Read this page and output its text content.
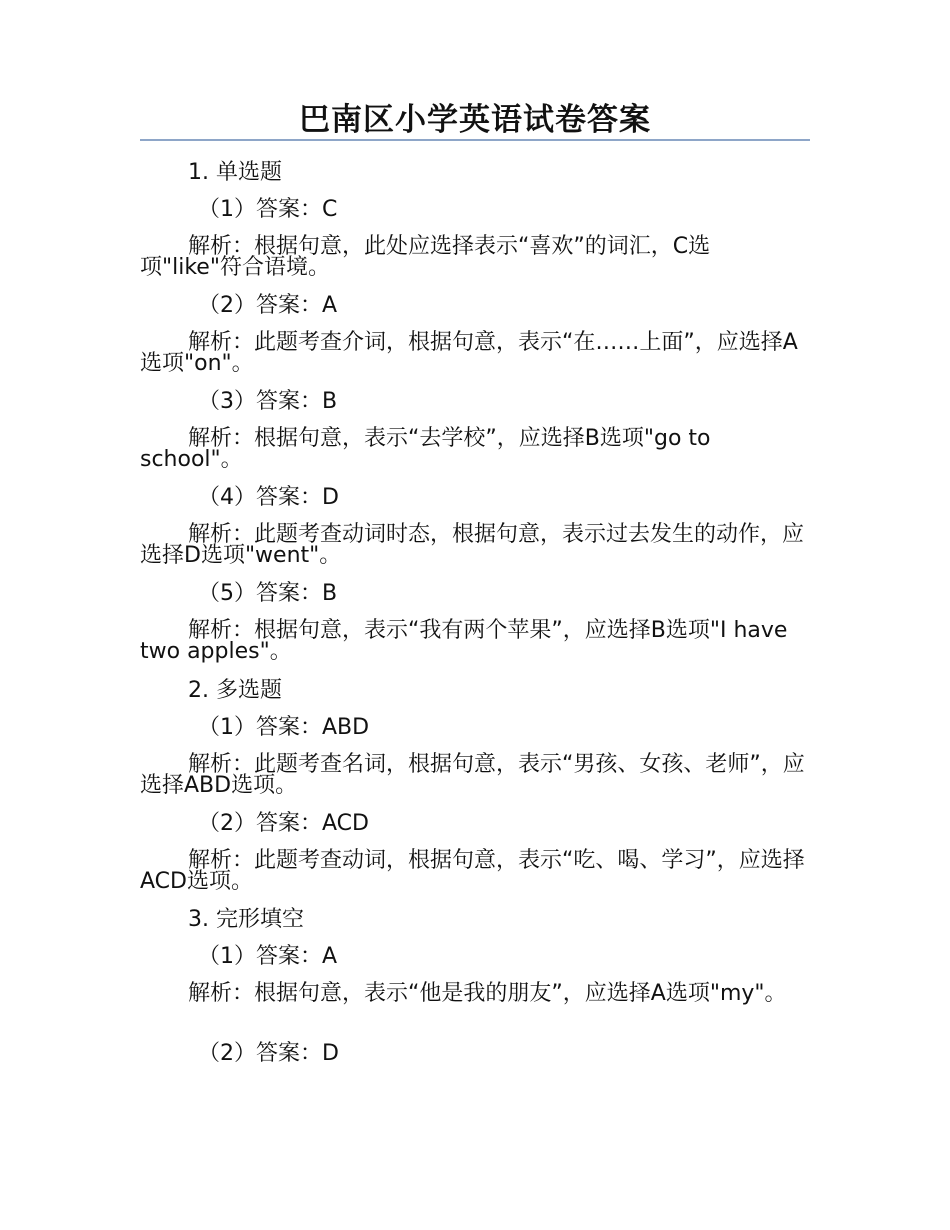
巴南区小学英语试卷答案
1. 单选题
（1）答案：C
解析：根据句意，此处应选择表示“喜欢”的词汇，C选项"like"符合语境。
（2）答案：A
解析：此题考查介词，根据句意，表示“在……上面”，应选择A选项"on"。
（3）答案：B
解析：根据句意，表示“去学校”，应选择B选项"go to school"。
（4）答案：D
解析：此题考查动词时态，根据句意，表示过去发生的动作，应选择D选项"went"。
（5）答案：B
解析：根据句意，表示“我有两个苹果”，应选择B选项"I have two apples"。
2. 多选题
（1）答案：ABD
解析：此题考查名词，根据句意，表示“男孩、女孩、老师”，应选择ABD选项。
（2）答案：ACD
解析：此题考查动词，根据句意，表示“吃、喝、学习”，应选择ACD选项。
3. 完形填空
（1）答案：A
解析：根据句意，表示“他是我的朋友”，应选择A选项"my"。
（2）答案：D
